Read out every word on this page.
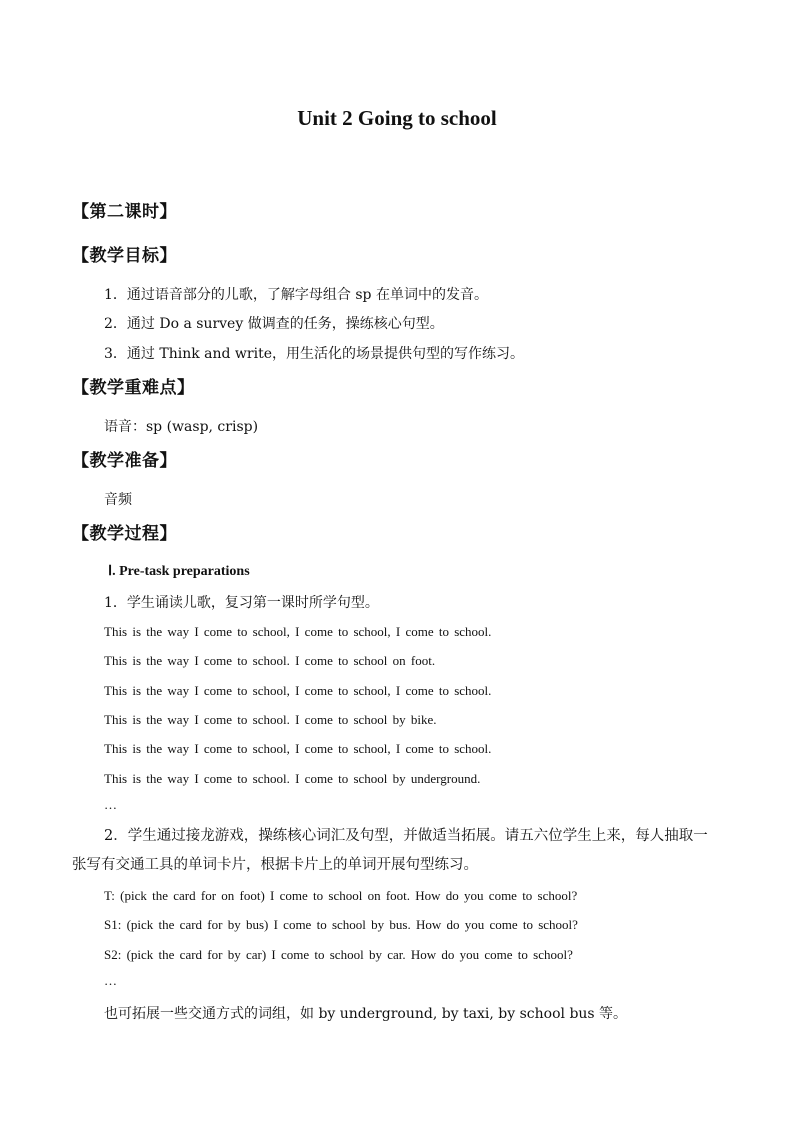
Unit 2 Going to school
【第二课时】
【教学目标】
1．通过语音部分的儿歌，了解字母组合 sp 在单词中的发音。
2．通过 Do a survey 做调查的任务，操练核心句型。
3．通过 Think and write，用生活化的场景提供句型的写作练习。
【教学重难点】
语音：sp (wasp, crisp)
【教学准备】
音频
【教学过程】
Ⅰ. Pre-task preparations
1．学生诵读儿歌，复习第一课时所学句型。
This is the way I come to school, I come to school, I come to school.
This is the way I come to school. I come to school on foot.
This is the way I come to school, I come to school, I come to school.
This is the way I come to school. I come to school by bike.
This is the way I come to school, I come to school, I come to school.
This is the way I come to school. I come to school by underground.
…
2．学生通过接龙游戏，操练核心词汇及句型，并做适当拓展。请五六位学生上来，每人抽取一张写有交通工具的单词卡片，根据卡片上的单词开展句型练习。
T: (pick the card for on foot) I come to school on foot. How do you come to school?
S1: (pick the card for by bus) I come to school by bus. How do you come to school?
S2: (pick the card for by car) I come to school by car. How do you come to school?
…
也可拓展一些交通方式的词组，如 by underground, by taxi, by school bus 等。
